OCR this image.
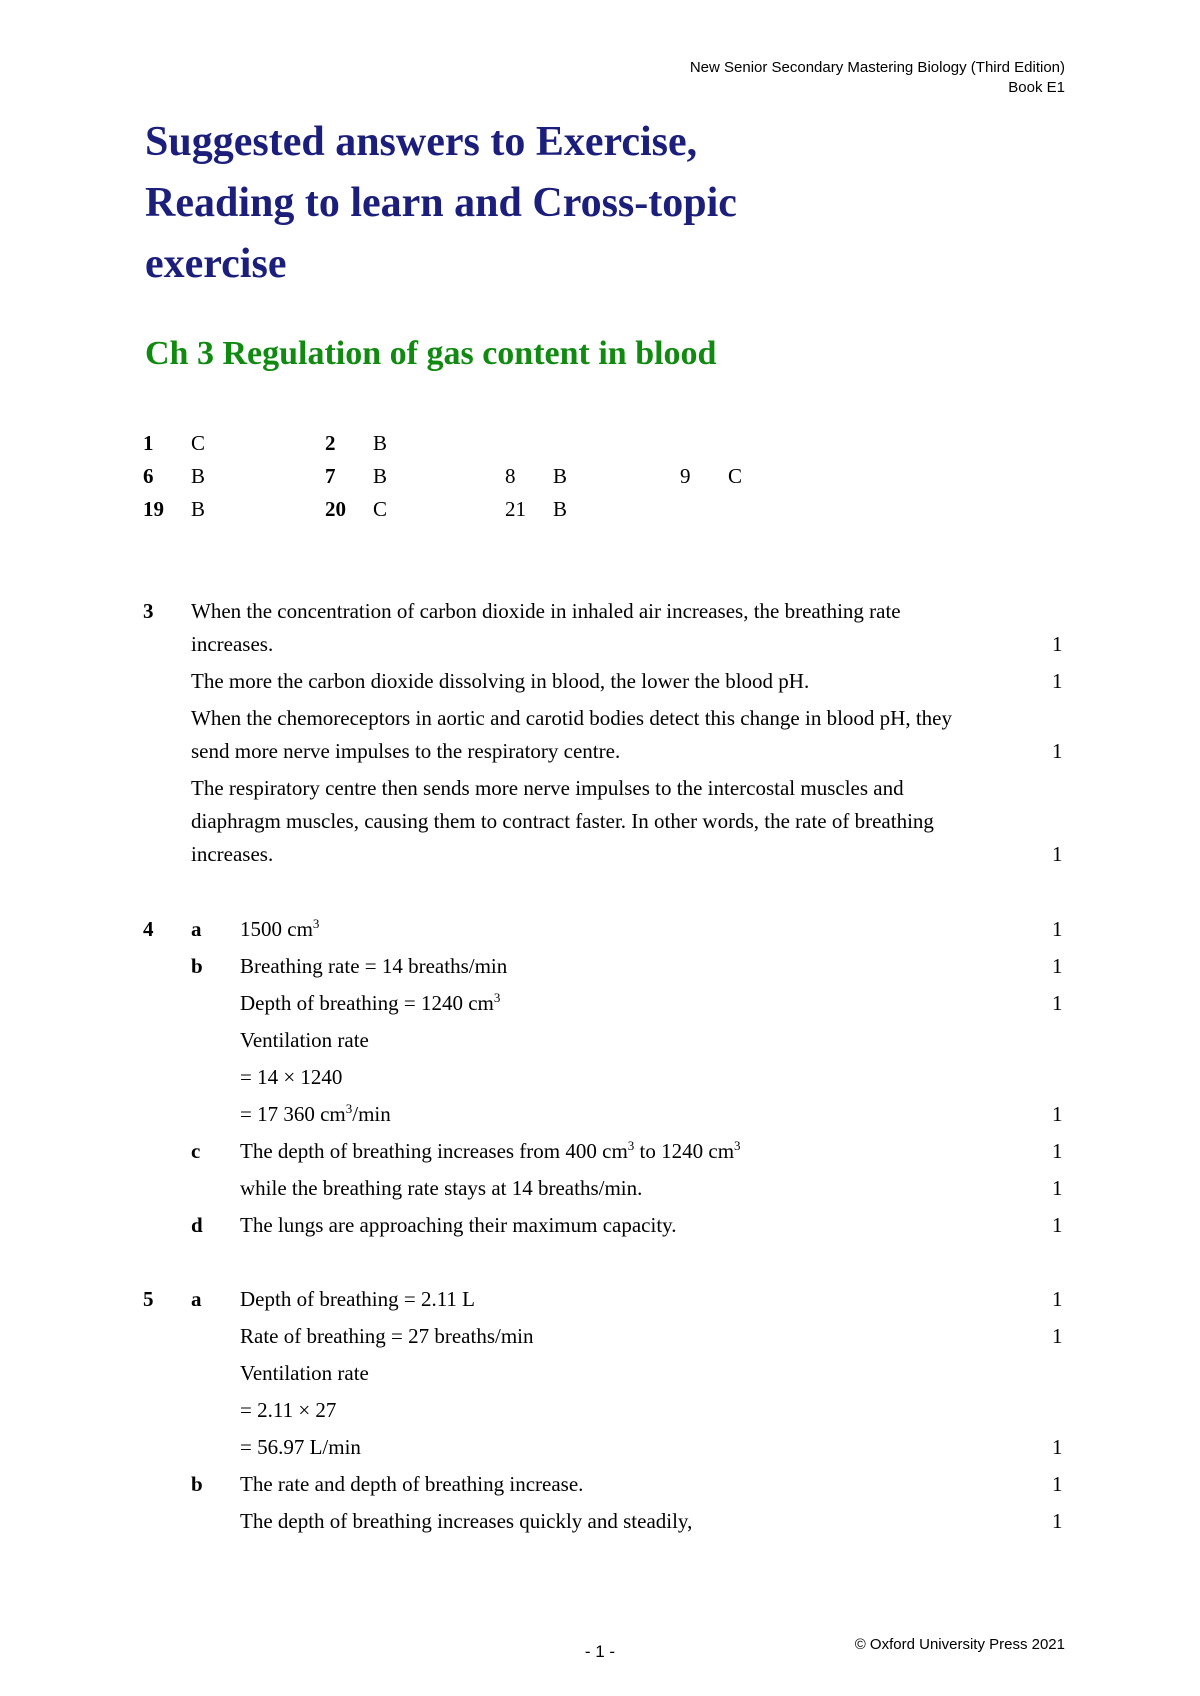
New Senior Secondary Mastering Biology (Third Edition)
Book E1
Suggested answers to Exercise,
Reading to learn and Cross-topic
exercise
Ch 3 Regulation of gas content in blood
1 C	2 B
6 B	7 B	8 B	9 C
19 B	20 C	21 B
3 When the concentration of carbon dioxide in inhaled air increases, the breathing rate
increases.	1
The more the carbon dioxide dissolving in blood, the lower the blood pH.	1
When the chemoreceptors in aortic and carotid bodies detect this change in blood pH, they
send more nerve impulses to the respiratory centre.	1
The respiratory centre then sends more nerve impulses to the intercostal muscles and
diaphragm muscles, causing them to contract faster. In other words, the rate of breathing
increases.	1
4 a 1500 $cm^3$	1
b Breathing rate = 14 breaths/min	1
Depth of breathing = 1240 $cm^3$	1
Ventilation rate
= 14 × 1240
= 17 360 $cm^3/\min$	1
c The depth of breathing increases from 400 $cm^3$ to 1240 $cm^3$	1
while the breathing rate stays at 14 breaths/min.	1
d The lungs are approaching their maximum capacity.	1
5 a Depth of breathing = 2.11 L	1
Rate of breathing = 27 breaths/min	1
Ventilation rate
= 2.11 × 27
= 56.97 L/min	1
b The rate and depth of breathing increase.	1
The depth of breathing increases quickly and steadily,	1
- 1 -	© Oxford University Press 2021
